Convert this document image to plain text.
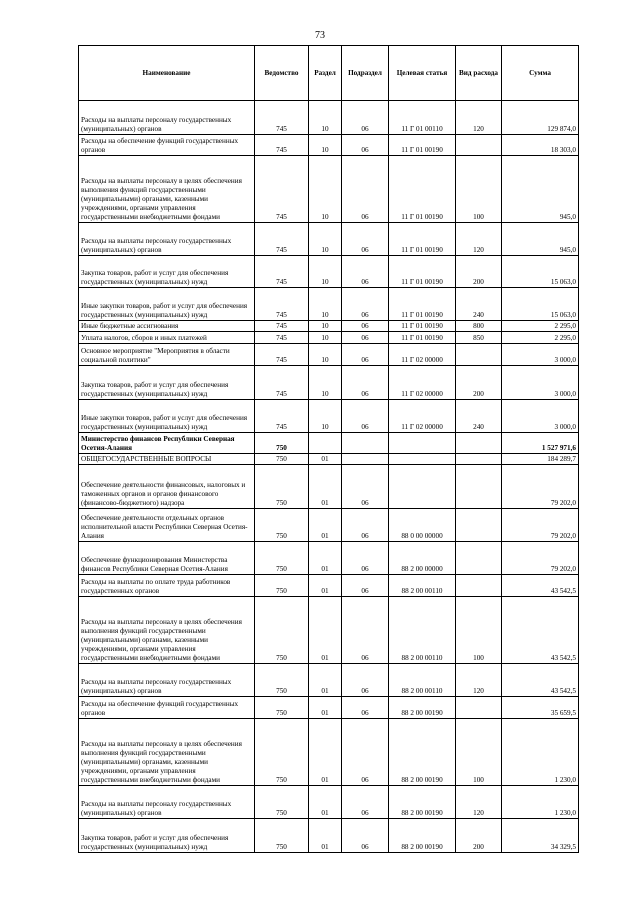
73
Наименование	Ведомство	Раздел	Подраздел	Целевая статья	Вид расхода	Сумма
Расходы на выплаты персоналу государственных (муниципальных) органов	745	10	06	11 Г 01 00110	120	129 874,0
Расходы на обеспечение функций государственных органов	745	10	06	11 Г 01 00190		18 303,0
Расходы на выплаты персоналу в целях обеспечения выполнения функций государственными (муниципальными) органами, казенными учреждениями, органами управления государственными внебюджетными фондами	745	10	06	11 Г 01 00190	100	945,0
Расходы на выплаты персоналу государственных (муниципальных) органов	745	10	06	11 Г 01 00190	120	945,0
Закупка товаров, работ и услуг для обеспечения государственных (муниципальных) нужд	745	10	06	11 Г 01 00190	200	15 063,0
Иные закупки товаров, работ и услуг для обеспечения государственных (муниципальных) нужд	745	10	06	11 Г 01 00190	240	15 063,0
Иные бюджетные ассигнования	745	10	06	11 Г 01 00190	800	2 295,0
Уплата налогов, сборов и иных платежей	745	10	06	11 Г 01 00190	850	2 295,0
Основное мероприятие "Мероприятия в области социальной политики"	745	10	06	11 Г 02 00000		3 000,0
Закупка товаров, работ и услуг для обеспечения государственных (муниципальных) нужд	745	10	06	11 Г 02 00000	200	3 000,0
Иные закупки товаров, работ и услуг для обеспечения государственных (муниципальных) нужд	745	10	06	11 Г 02 00000	240	3 000,0
Министерство финансов Республики Северная Осетия-Алания	750					1 527 971,6
ОБЩЕГОСУДАРСТВЕННЫЕ ВОПРОСЫ	750	01				184 289,7
Обеспечение деятельности финансовых, налоговых и таможенных органов и органов финансового (финансово-бюджетного) надзора	750	01	06			79 202,0
Обеспечение деятельности отдельных органов исполнительной власти Республики Северная Осетия-Алания	750	01	06	88 0 00 00000		79 202,0
Обеспечение функционирования Министерства финансов Республики Северная Осетия-Алания	750	01	06	88 2 00 00000		79 202,0
Расходы на выплаты по оплате труда работников государственных органов	750	01	06	88 2 00 00110		43 542,5
Расходы на выплаты персоналу в целях обеспечения выполнения функций государственными (муниципальными) органами, казенными учреждениями, органами управления государственными внебюджетными фондами	750	01	06	88 2 00 00110	100	43 542,5
Расходы на выплаты персоналу государственных (муниципальных) органов	750	01	06	88 2 00 00110	120	43 542,5
Расходы на обеспечение функций государственных органов	750	01	06	88 2 00 00190		35 659,5
Расходы на выплаты персоналу в целях обеспечения выполнения функций государственными (муниципальными) органами, казенными учреждениями, органами управления государственными внебюджетными фондами	750	01	06	88 2 00 00190	100	1 230,0
Расходы на выплаты персоналу государственных (муниципальных) органов	750	01	06	88 2 00 00190	120	1 230,0
Закупка товаров, работ и услуг для обеспечения государственных (муниципальных) нужд	750	01	06	88 2 00 00190	200	34 329,5
